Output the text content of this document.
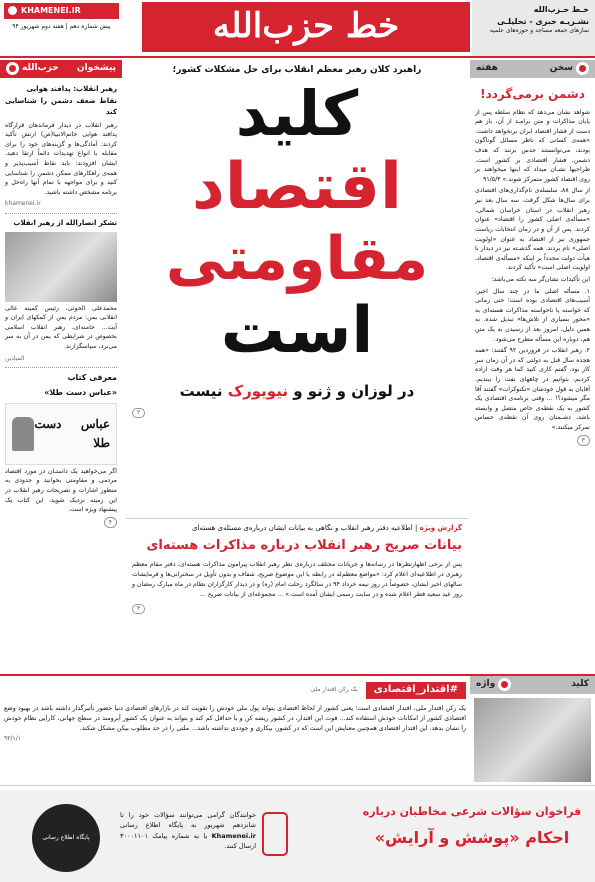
KHAMENEI.IR
پیش شماره دهم | هفته دوم شهریور ۹۴	خط حزب‌الله	خـط حـزب‌الله
نشـریـه خبری - تحلیلـی
نمازهای جمعه مساجد و حوزه‌های علمیه
سخن
هفته
دشمن برمی‌گردد!

شواهد نشان می‌دهد که نظام سلطه پس از پایان مذاکرات و متن برامـد از آن، باز هم دست از فشار اقتصاد ایران برنخواهد داشت. «همه‌ی کسانی که ناظر مسائل گوناگون بودند، می‌توانستند حدس بزنند که هدف دشمن، فشار اقتصادی بر کشور است. طراحیها نشـان میداد که اینها میخواهند بر روی اقتصاد کشور متمرکز شوند.» ۹۱/۵/۳

از سال ۸۸، سلسله‌ی نام‌گذاری‌های اقتصادی برای سال‌ها شکل گرفت. سه سال بعد نیز رهبر انقلاب در استان خراسان شمالی، «مسأله‌ی اصلی کشور را اقتصاد» عنوان کردند. پس از آن و در زمان انتخابات ریاست جمهوری نیز از اقتصاد به عنوان «اولویت اصلی» نام بردند. همه گذشـته نیز در دیدار با هیأت دولت مجدداً بر اینکه «مسأله‌ی اقتصاد، اولویت اصلی است» تأکید کردند.

این تأکیدات نشان‌گر سه نکته می‌باشد:

۱. مسأله اصلی ما در چند سال اخیر، آسیب‌های اقتصادی بوده است؛ حتی زمانی که خواسته یا ناخواسته مذاکرات هسته‌ای به «محور بسیاری از تلاش‌ها» تبدیل شده. به همین دلیل، امروز بعد از رسیدن به یک متن هم، دوباره این مسأله مطرح می‌شود.

۲. رهبر انقلاب در فروردین ۹۲ گفتند: «همه هجده سال قبل به دولتی که در آن زمان سر کار بود، گفتم کاری کنید کما هر وقت اراده کردیم، بتوانیم در چاههای نفت را ببندیم. آقایان به قول خودشان «تکنوکرات» گفتند آقا مگر میشود؟! ... وقتی برنامه‌ی اقتصادی یک کشور به یک نقطه‌ی خاص متصل و وابسته باشد، دشـمنان روی آن نقطه‌ی حساس تمرکز میکنند.»

۳
پیشخوان
حزب‌الله
رهبر انقلاب: پدافند هوایی
نقاط ضعف دشمن را شناسایی کند

رهبر انقلاب در دیدار فرماندهان قرارگاه پدافند هوایی خاتم‌الانبیا(ص) ارتش تأکید کردند: آمادگی‌ها و گزینه‌های خود را برای مقابله با انواع تهدیدات دائماً ارتقا دهید. ایشان افزودند: باید نقاط آسیب‌پذیر و همه‌ی راهکارهای ممکن دشمن را شناسایی کنید و برای مواجهه با تمام آنها راه‌حل و برنامه مشخص داشته باشید.

khamenei.ir
تشکر انصارالله از رهبر انقلاب

محمدعلی الحوثی، رئیس کمیته عالی انقلابی یمن: مردم یمن از کمکهای ایران و آیت‌... خامنه‌ای، رهبر انقلاب اسلامی بخصوص در شرایطی که یمن در آن به سر می‌برد، سپاسگزارند.

المیادین
معرفی کتاب
«عباس دست طلا»
عباس دست طلا

اگر می‌خواهید یک داستـان در مورد اقتصاد مردمی و مقاومتی بخوانید و جدودی به منظور اشارات و تصریحات رهبر انقلاب در این زمینه نزدیک شوید، این کتاب یک پیشنهاد ویژه است.

۴
راهبرد کلان رهبر معظم انقلاب برای حل مشکلات کشور؛
کلید
اقتصاد
مقاومتی
است
در لوزان و ژنو و نیویورک نیست
۲
گزارش ویژه | اطلاعیه دفتر رهبر انقلاب و نگاهی به بیانات ایشان درباره‌ی مسئله‌ی هسته‌ای
بیانات صریح رهبر انقلاب درباره مذاکرات هسته‌ای

پس از برخی اظهارنظرها در رسانه‌ها و جریانات مختلف درباره‌ی نظر رهبر انقلاب پیرامون مذاکرات هسته‌ای، دفتر مقام معظم رهبری در اطلاعیه‌ای اعلام کرد: «مواضع معظم‌له در رابطه با این موضوع صریح، شفاف و بدون تأویل در سخنرانی‌ها و فرمایشات سالهای اخیر ایشان، خصوصاً در روز نیمه خرداد ۹۴ در سالگرد رحلت امام (ره) و در دیدار کارگزاران نظام در ماه مبارک رمضان و روز عید سعید فطر اعلام شده و در سایت رسمی ایشان آمده است.» ... مجموعه‌ای از بیانات صریح ...

۳
کلید
واژه
#اقتدار_اقتصادی
یک رکن اقتدار ملی

یک رکن اقتدار ملی، اقتدار اقتصادی است؛ یعنی کشور از لحاظ اقتصادی بتواند پول ملی خودش را تقویت کند در بازارهای اقتصادی دنیا حضور تأثیرگذار داشته باشد در بهبود وضع اقتصادی کشور از امکانات خودش استفاده کند... قوت این اقتدار، در کشور ریشه کن و با حداقل کم کند و بتواند به عنوان یک کشور آبرومند در سطح جهانی، کارایی نظام خودش را نشان بدهد. این اقتدار اقتصادی همچنین معنایش این است که در کشور، بیکاری و جوددی نداشته باشد... ملتی را در حد مطلوب بیکن مشکل شکند.

۹۳/۱/۱
فراخوان سؤالات شرعی مخاطبان درباره
احکام «پوشش و آرایش»
خوانندگان گرامی می‌توانند سؤالات خود را تا شانزدهم شهریور به پایگاه اطلاع رسانی Khamenei.ir یا به شماره پیامک ۳۰۰۰۱۱۰۱ ارسال کنند.
پایگاه اطلاع رسانی
